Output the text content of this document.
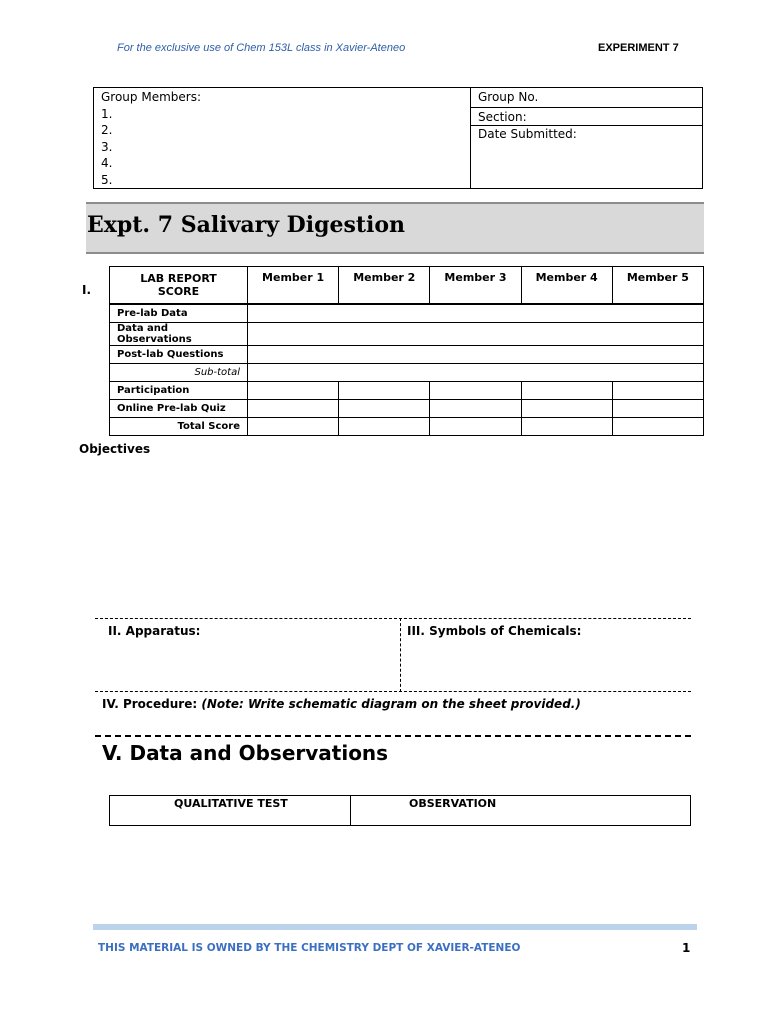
For the exclusive use of Chem 153L class in Xavier-Ateneo	EXPERIMENT 7
Group Members:
1.
2.
3.
4.
5.
Group No.
Section:
Date Submitted:
Expt. 7 Salivary Digestion
I.
LAB REPORT
SCORE	Member 1	Member 2	Member 3	Member 4	Member 5
Pre-lab Data					
Data and Observations					
Post-lab Questions					
Sub-total					
Participation					
Online Pre-lab Quiz					
Total Score					
Objectives
II. Apparatus:	III. Symbols of Chemicals:
IV. Procedure: (Note: Write schematic diagram on the sheet provided.)
V. Data and Observations
QUALITATIVE TEST	OBSERVATION
THIS MATERIAL IS OWNED BY THE CHEMISTRY DEPT OF XAVIER-ATENEO	1
